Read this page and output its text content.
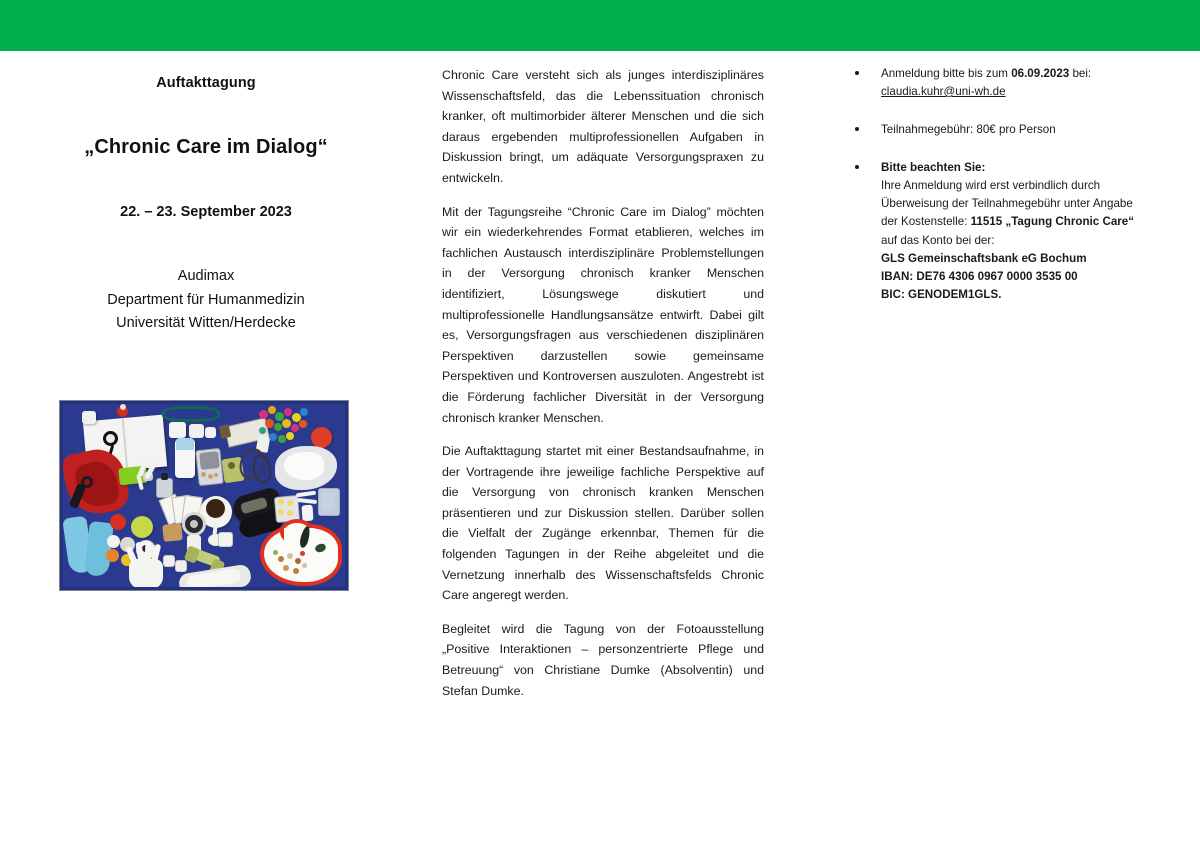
Auftakttagung
„Chronic Care im Dialog“
22. – 23. September 2023
Audimax
Department für Humanmedizin
Universität Witten/Herdecke

Chronic Care versteht sich als junges interdisziplinäres Wissenschaftsfeld, das die Lebenssituation chronisch kranker, oft multimorbider älterer Menschen und die sich daraus ergebenden multiprofessionellen Aufgaben in Diskussion bringt, um adäquate Versorgungspraxen zu entwickeln.

Mit der Tagungsreihe “Chronic Care im Dialog” möchten wir ein wiederkehrendes Format etablieren, welches im fachlichen Austausch interdisziplinäre Problemstellungen in der Versorgung chronisch kranker Menschen identifiziert, Lösungswege diskutiert und multiprofessionelle Handlungsansätze entwirft. Dabei gilt es, Versorgungsfragen aus verschiedenen disziplinären Perspektiven darzustellen sowie gemeinsame Perspektiven und Kontroversen auszuloten. Angestrebt ist die Förderung fachlicher Diversität in der Versorgung chronisch kranker Menschen.

Die Auftakttagung startet mit einer Bestandsaufnahme, in der Vortragende ihre jeweilige fachliche Perspektive auf die Versorgung von chronisch kranken Menschen präsentieren und zur Diskussion stellen. Darüber sollen die Vielfalt der Zugänge erkennbar, Themen für die folgenden Tagungen in der Reihe abgeleitet und die Vernetzung innerhalb des Wissenschaftsfelds Chronic Care angeregt werden.

Begleitet wird die Tagung von der Fotoausstellung „Positive Interaktionen – personzentrierte Pflege und Betreuung“ von Christiane Dumke (Absolventin) und Stefan Dumke.

Anmeldung bitte bis zum 06.09.2023 bei:
claudia.kuhr@uni-wh.de
Teilnahmegebühr: 80€ pro Person
Bitte beachten Sie:
Ihre Anmeldung wird erst verbindlich durch
Überweisung der Teilnahmegebühr unter Angabe
der Kostenstelle: 11515 „Tagung Chronic Care“
auf das Konto bei der:
GLS Gemeinschaftsbank eG Bochum
IBAN: DE76 4306 0967 0000 3535 00
BIC: GENODEM1GLS.
